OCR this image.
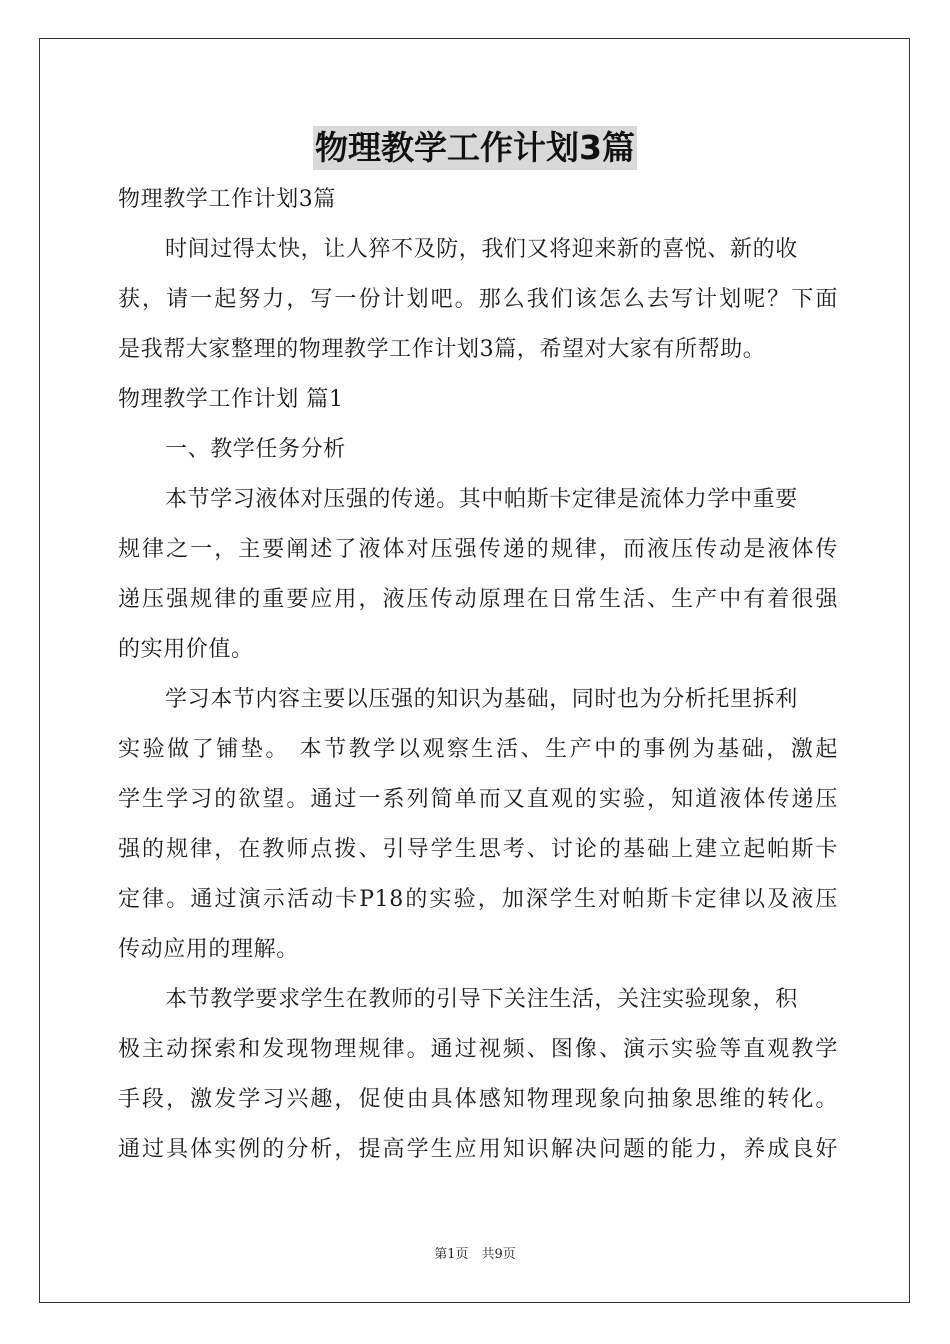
物理教学工作计划3篇
物理教学工作计划3篇
时间过得太快，让人猝不及防，我们又将迎来新的喜悦、新的收
获，请一起努力，写一份计划吧。那么我们该怎么去写计划呢？下面
是我帮大家整理的物理教学工作计划3篇，希望对大家有所帮助。
物理教学工作计划 篇1
一、教学任务分析
本节学习液体对压强的传递。其中帕斯卡定律是流体力学中重要
规律之一，主要阐述了液体对压强传递的规律，而液压传动是液体传
递压强规律的重要应用，液压传动原理在日常生活、生产中有着很强
的实用价值。
学习本节内容主要以压强的知识为基础，同时也为分析托里拆利
实验做了铺垫。 本节教学以观察生活、生产中的事例为基础，激起
学生学习的欲望。通过一系列简单而又直观的实验，知道液体传递压
强的规律，在教师点拨、引导学生思考、讨论的基础上建立起帕斯卡
定律。通过演示活动卡P18的实验，加深学生对帕斯卡定律以及液压
传动应用的理解。
本节教学要求学生在教师的引导下关注生活，关注实验现象，积
极主动探索和发现物理规律。通过视频、图像、演示实验等直观教学
手段，激发学习兴趣，促使由具体感知物理现象向抽象思维的转化。
通过具体实例的分析，提高学生应用知识解决问题的能力，养成良好
第1页　共9页
